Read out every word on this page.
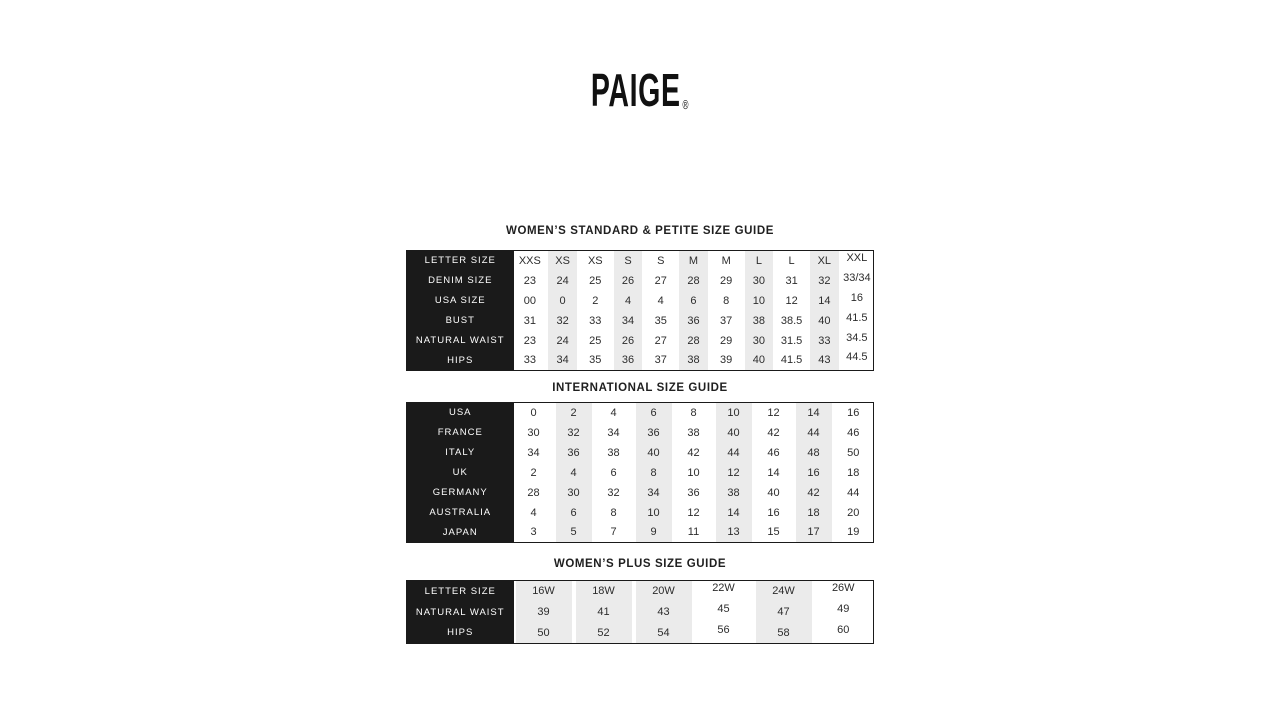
PAIGE ®
WOMEN’S STANDARD & PETITE SIZE GUIDE
LETTER SIZE	XXS	XS	XS	S	S	M	M	L	L	XL	XXL
DENIM SIZE	23	24	25	26	27	28	29	30	31	32	33/34
USA SIZE	00	0	2	4	4	6	8	10	12	14	16
BUST	31	32	33	34	35	36	37	38	38.5	40	41.5
NATURAL WAIST	23	24	25	26	27	28	29	30	31.5	33	34.5
HIPS	33	34	35	36	37	38	39	40	41.5	43	44.5
INTERNATIONAL SIZE GUIDE
USA	0	2	4	6	8	10	12	14	16
FRANCE	30	32	34	36	38	40	42	44	46
ITALY	34	36	38	40	42	44	46	48	50
UK	2	4	6	8	10	12	14	16	18
GERMANY	28	30	32	34	36	38	40	42	44
AUSTRALIA	4	6	8	10	12	14	16	18	20
JAPAN	3	5	7	9	11	13	15	17	19
WOMEN’S PLUS SIZE GUIDE
LETTER SIZE	16W	18W	20W	22W	24W	26W
NATURAL WAIST	39	41	43	45	47	49
HIPS	50	52	54	56	58	60
